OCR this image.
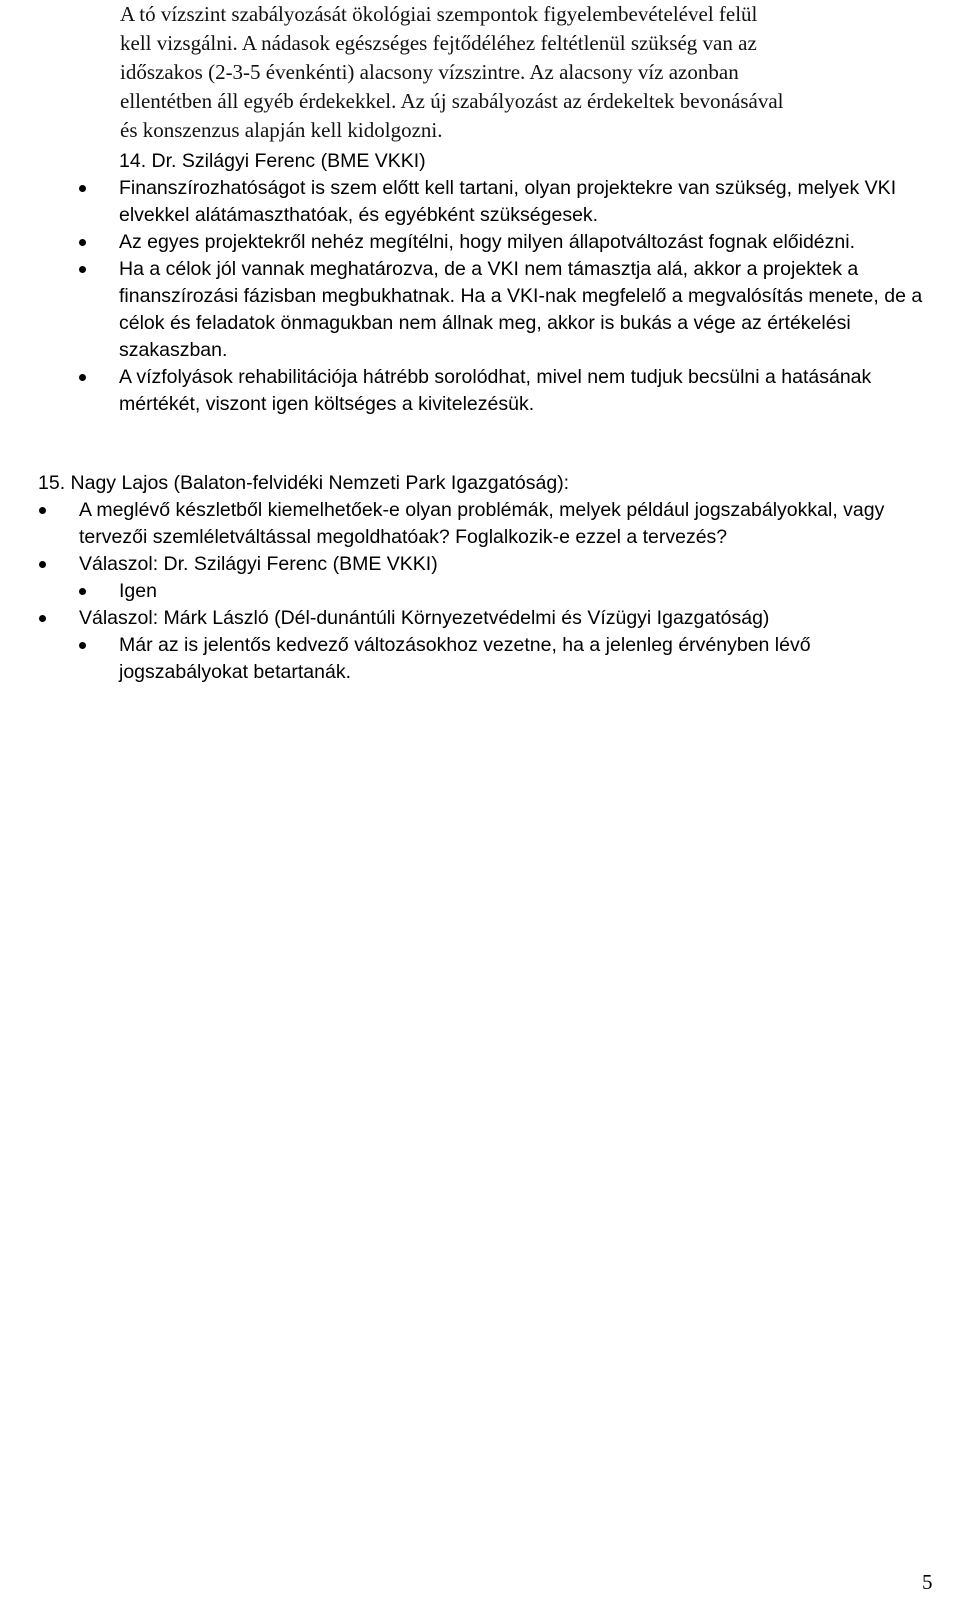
A tó vízszint szabályozását ökológiai szempontok figyelembevételével felül
kell vizsgálni. A nádasok egészséges fejtődéléhez feltétlenül szükség van az
időszakos (2-3-5 évenkénti) alacsony vízszintre. Az alacsony víz azonban
ellentétben áll egyéb érdekekkel. Az új szabályozást az érdekeltek bevonásával
és konszenzus alapján kell kidolgozni.
14. Dr. Szilágyi Ferenc (BME VKKI)
Finanszírozhatóságot is szem előtt kell tartani, olyan projektekre van szükség, melyek VKI elvekkel alátámaszthatóak, és egyébként szükségesek.
Az egyes projektekről nehéz megítélni, hogy milyen állapotváltozást fognak előidézni.
Ha a célok jól vannak meghatározva, de a VKI nem támasztja alá, akkor a projektek a finanszírozási fázisban megbukhatnak. Ha a VKI-nak megfelelő a megvalósítás menete, de a célok és feladatok önmagukban nem állnak meg, akkor is bukás a vége az értékelési szakaszban.
A vízfolyások rehabilitációja hátrébb sorolódhat, mivel nem tudjuk becsülni a hatásának mértékét, viszont igen költséges a kivitelezésük.
15. Nagy Lajos (Balaton-felvidéki Nemzeti Park Igazgatóság):
A meglévő készletből kiemelhetőek-e olyan problémák, melyek például jogszabályokkal, vagy tervezői szemléletváltással megoldhatóak? Foglalkozik-e ezzel a tervezés?
Válaszol: Dr. Szilágyi Ferenc (BME VKKI)
Igen
Válaszol: Márk László (Dél-dunántúli Környezetvédelmi és Vízügyi Igazgatóság)
Már az is jelentős kedvező változásokhoz vezetne, ha a jelenleg érvényben lévő jogszabályokat betartanák.
5
